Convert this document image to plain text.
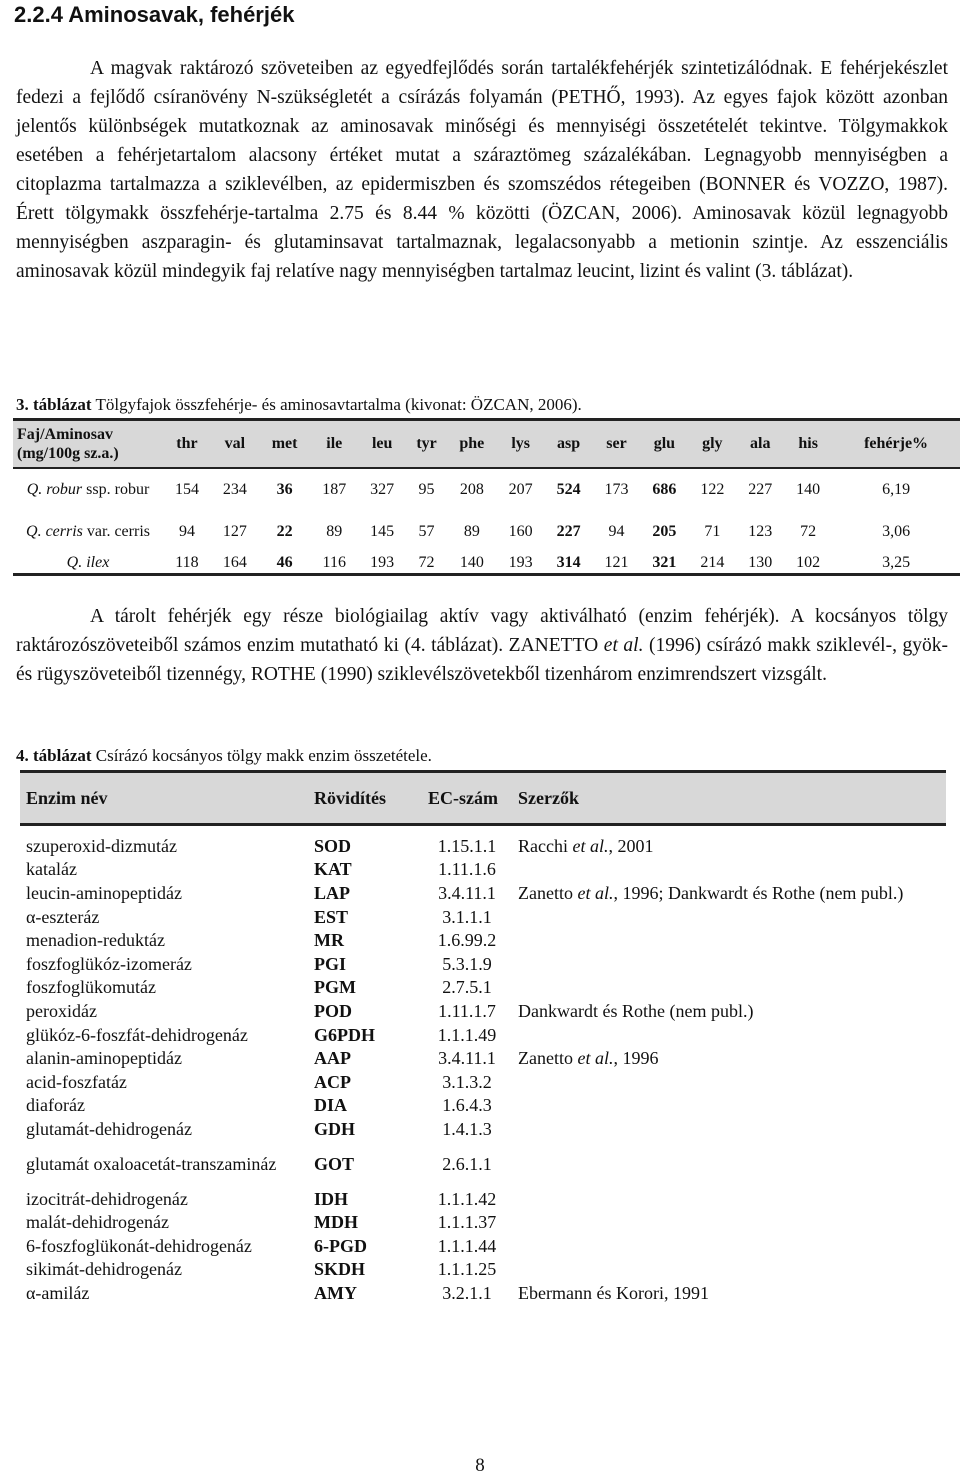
2.2.4 Aminosavak, fehérjék
A magvak raktározó szöveteiben az egyedfejlődés során tartalékfehérjék szintetizálódnak. E fehérjekészlet fedezi a fejlődő csíranövény N-szükségletét a csírázás folyamán (PETHŐ, 1993). Az egyes fajok között azonban jelentős különbségek mutatkoznak az aminosavak minőségi és mennyiségi összetételét tekintve. Tölgymakkok esetében a fehérjetartalom alacsony értéket mutat a száraztömeg százalékában. Legnagyobb mennyiségben a citoplazma tartalmazza a sziklevélben, az epidermiszben és szomszédos rétegeiben (BONNER és VOZZO, 1987). Érett tölgymakk összfehérje-tartalma 2.75 és 8.44 % közötti (ÖZCAN, 2006). Aminosavak közül legnagyobb mennyiségben aszparagin- és glutaminsavat tartalmaznak, legalacsonyabb a metionin szintje. Az esszenciális aminosavak közül mindegyik faj relatíve nagy mennyiségben tartalmaz leucint, lizint és valint (3. táblázat).
3. táblázat Tölgyfajok összfehérje- és aminosavtartalma (kivonat: ÖZCAN, 2006).
Faj/Aminosav (mg/100g sz.a.)	thr	val	met	ile	leu	tyr	phe	lys	asp	ser	glu	gly	ala	his	fehérje%
Q. robur ssp. robur	154	234	36	187	327	95	208	207	524	173	686	122	227	140	6,19
Q. cerris var. cerris	94	127	22	89	145	57	89	160	227	94	205	71	123	72	3,06
Q. ilex	118	164	46	116	193	72	140	193	314	121	321	214	130	102	3,25
A tárolt fehérjék egy része biológiailag aktív vagy aktiválható (enzim fehérjék). A kocsányos tölgy raktározószöveteiből számos enzim mutatható ki (4. táblázat). ZANETTO et al. (1996) csírázó makk sziklevél-, gyök- és rügyszöveteiből tizennégy, ROTHE (1990) sziklevélszövetekből tizenhárom enzimrendszert vizsgált.
4. táblázat Csírázó kocsányos tölgy makk enzim összetétele.
Enzim név	Rövidítés	EC-szám	Szerzők
szuperoxid-dizmutáz	SOD	1.15.1.1	Racchi et al., 2001
kataláz	KAT	1.11.1.6	
leucin-aminopeptidáz	LAP	3.4.11.1	Zanetto et al., 1996; Dankwardt és Rothe (nem publ.)
α-eszteráz	EST	3.1.1.1	
menadion-reduktáz	MR	1.6.99.2	
foszfoglükóz-izomeráz	PGI	5.3.1.9	
foszfoglükomutáz	PGM	2.7.5.1	
peroxidáz	POD	1.11.1.7	Dankwardt és Rothe (nem publ.)
glükóz-6-foszfát-dehidrogenáz	G6PDH	1.1.1.49	
alanin-aminopeptidáz	AAP	3.4.11.1	Zanetto et al., 1996
acid-foszfatáz	ACP	3.1.3.2	
diaforáz	DIA	1.6.4.3	
glutamát-dehidrogenáz	GDH	1.4.1.3	
glutamát oxaloacetát-transzamináz	GOT	2.6.1.1	
izocitrát-dehidrogenáz	IDH	1.1.1.42	
malát-dehidrogenáz	MDH	1.1.1.37	
6-foszfoglükonát-dehidrogenáz	6-PGD	1.1.1.44	
sikimát-dehidrogenáz	SKDH	1.1.1.25	
α-amiláz	AMY	3.2.1.1	Ebermann és Korori, 1991
8
